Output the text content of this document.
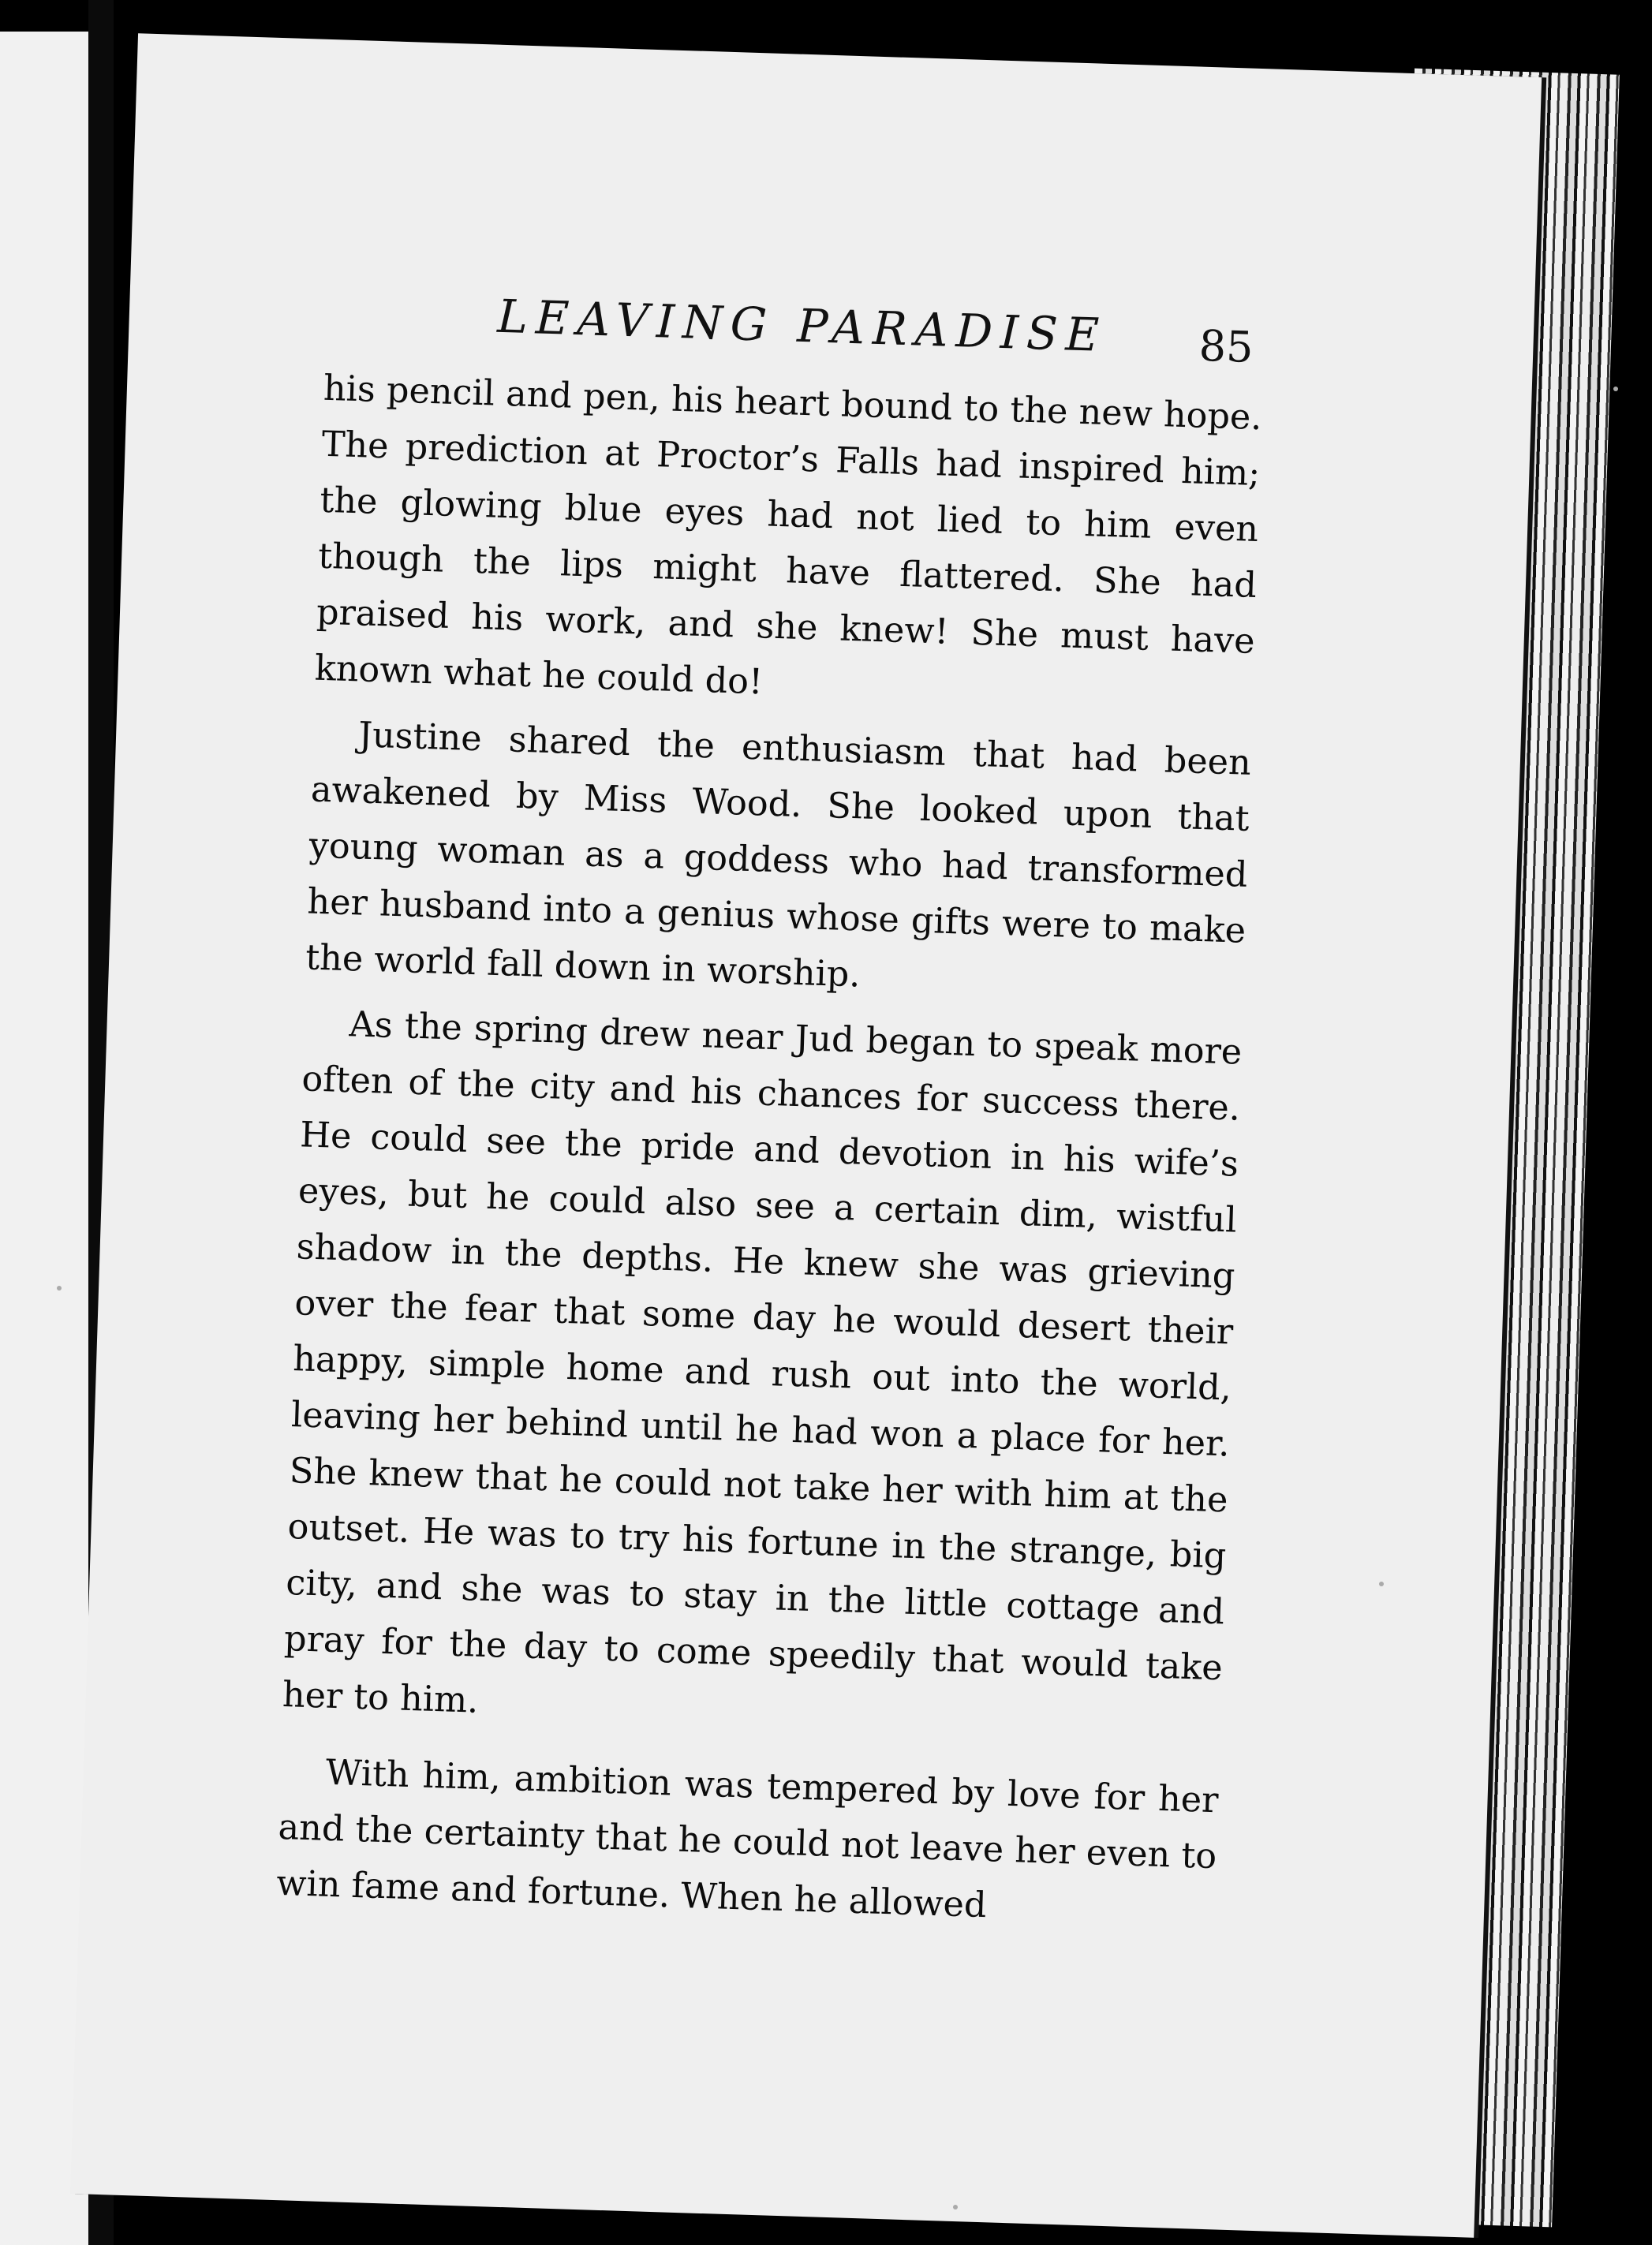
LEAVING PARADISE 85

his pencil and pen, his heart bound to the new hope. The prediction at Proctor’s Falls had inspired him; the glowing blue eyes had not lied to him even though the lips might have flattered. She had praised his work, and she knew! She must have known what he could do!

Justine shared the enthusiasm that had been awakened by Miss Wood. She looked upon that young woman as a goddess who had transformed her husband into a genius whose gifts were to make the world fall down in worship.

As the spring drew near Jud began to speak more often of the city and his chances for success there. He could see the pride and devotion in his wife’s eyes, but he could also see a certain dim, wistful shadow in the depths. He knew she was grieving over the fear that some day he would desert their happy, simple home and rush out into the world, leaving her behind until he had won a place for her. She knew that he could not take her with him at the outset. He was to try his fortune in the strange, big city, and she was to stay in the little cottage and pray for the day to come speedily that would take her to him.

With him, ambition was tempered by love for her and the certainty that he could not leave her even to win fame and fortune. When he allowed
